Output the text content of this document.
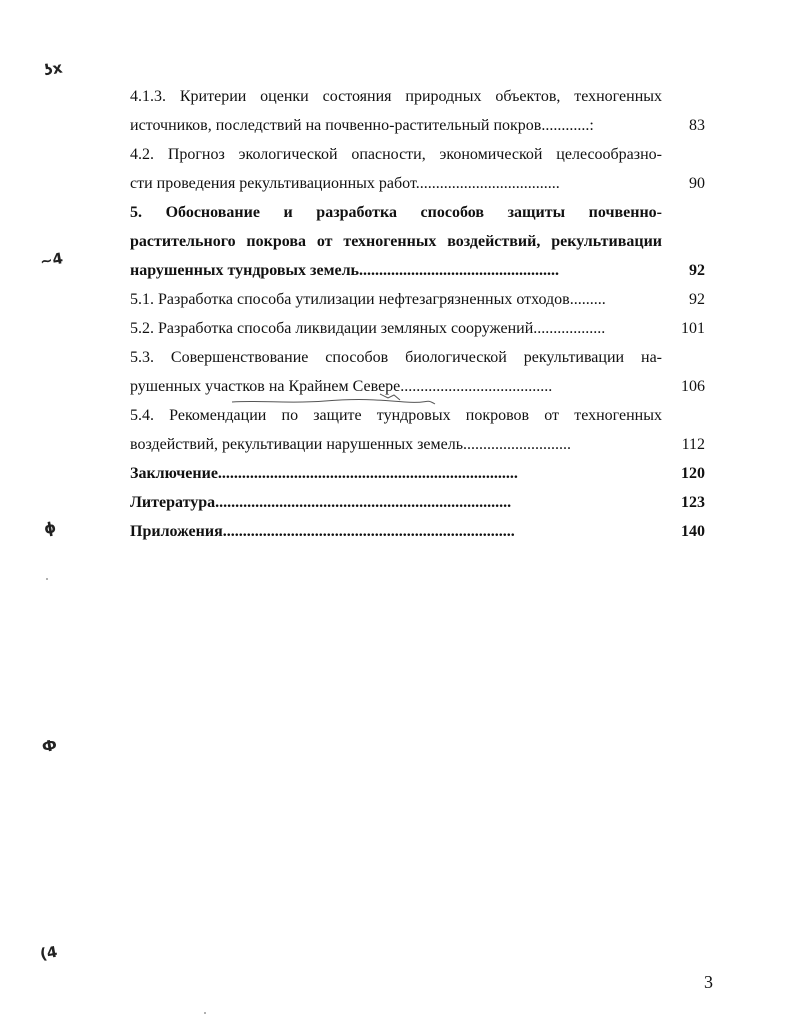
4.1.3. Критерии оценки состояния природных объектов, техногенных
источников, последствий на почвенно-растительный покров............:	83
4.2. Прогноз экологической опасности, экономической целесообразно-
сти проведения рекультивационных работ....................................	90
5. Обоснование и разработка способов защиты почвенно-
растительного покрова от техногенных воздействий, рекультивации
нарушенных тундровых земель..................................................	92
5.1. Разработка способа утилизации нефтезагрязненных отходов.........	92
5.2. Разработка способа ликвидации земляных сооружений..................	101
5.3. Совершенствование способов биологической рекультивации на-
рушенных участков на Крайнем Севере......................................	106
5.4. Рекомендации по защите тундровых покровов от техногенных
воздействий, рекультивации нарушенных земель...........................	112
Заключение...........................................................................	120
Литература..........................................................................	123
Приложения.........................................................................	140
ʖx
~4
ɸ
Ф
(4
3
